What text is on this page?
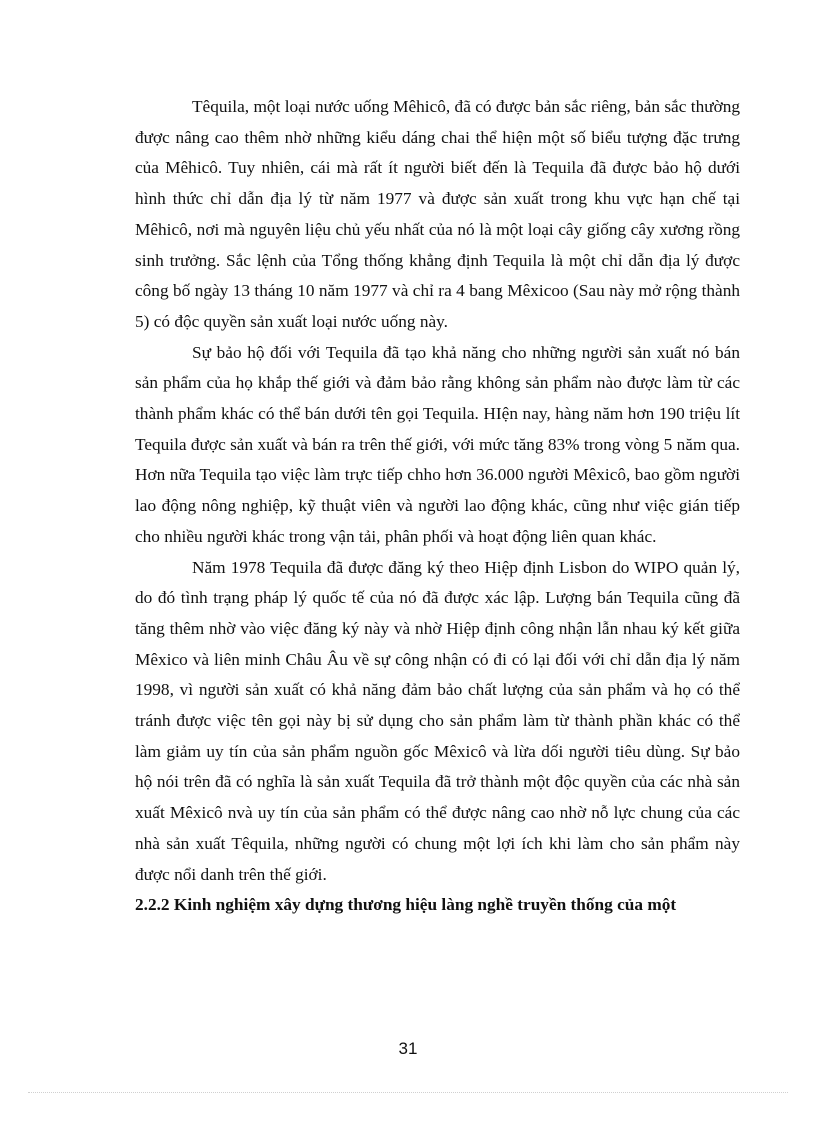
Têquila, một loại nước uống Mêhicô, đã có được bản sắc riêng, bản sắc thường được nâng cao thêm nhờ những kiểu dáng chai thể hiện một số biểu tượng đặc trưng của Mêhicô. Tuy nhiên, cái mà rất ít người biết đến là Tequila đã được bảo hộ dưới hình thức chỉ dẫn địa lý từ năm 1977 và được sản xuất trong khu vực hạn chế tại Mêhicô, nơi mà nguyên liệu chủ yếu nhất của nó là một loại cây giống cây xương rồng sinh trưởng. Sắc lệnh của Tổng thống khẳng định Tequila là một chỉ dẫn địa lý được công bố ngày 13 tháng 10 năm 1977 và chỉ ra 4 bang Mêxicoo (Sau này mở rộng thành 5) có độc quyền sản xuất loại nước uống này.

Sự bảo hộ đối với Tequila đã tạo khả năng cho những người sản xuất nó bán sản phẩm của họ khắp thế giới và đảm bảo rằng không sản phẩm nào được làm từ các thành phẩm khác có thể bán dưới tên gọi Tequila. HIện nay, hàng năm hơn 190 triệu lít Tequila được sản xuất và bán ra trên thế giới, với mức tăng 83% trong vòng 5 năm qua. Hơn nữa Tequila tạo việc làm trực tiếp chho hơn 36.000 người Mêxicô, bao gồm người lao động nông nghiệp, kỹ thuật viên và người lao động khác, cũng như việc gián tiếp cho nhiều người khác trong vận tải, phân phối và hoạt động liên quan khác.

Năm 1978 Tequila đã được đăng ký theo Hiệp định Lisbon do WIPO quản lý, do đó tình trạng pháp lý quốc tế của nó đã được xác lập. Lượng bán Tequila cũng đã tăng thêm nhờ vào việc đăng ký này và nhờ Hiệp định công nhận lẫn nhau ký kết giữa Mêxico và liên minh Châu Âu về sự công nhận có đi có lại đối với chỉ dẫn địa lý năm 1998, vì người sản xuất có khả năng đảm bảo chất lượng của sản phẩm và họ có thể tránh được việc tên gọi này bị sử dụng cho sản phẩm làm từ thành phần khác có thể làm giảm uy tín của sản phẩm nguồn gốc Mêxicô và lừa dối người tiêu dùng. Sự bảo hộ nói trên đã có nghĩa là sản xuất Tequila đã trở thành một độc quyền của các nhà sản xuất Mêxicô nvà uy tín của sản phẩm có thể được nâng cao nhờ nỗ lực chung của các nhà sản xuất Têquila, những người có chung một lợi ích khi làm cho sản phẩm này được nổi danh trên thế giới.

2.2.2 Kinh nghiệm xây dựng thương hiệu làng nghề truyền thống của một
31
